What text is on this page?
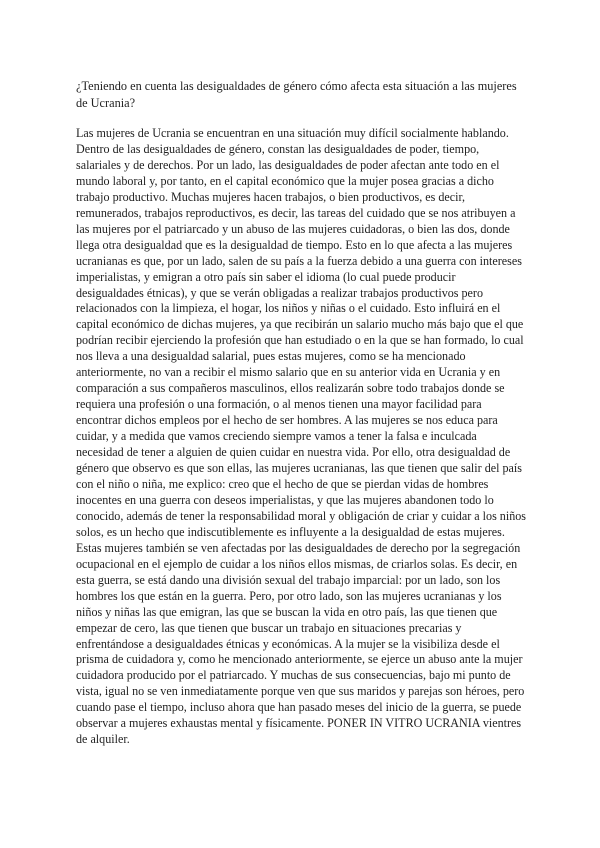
¿Teniendo en cuenta las desigualdades de género cómo afecta esta situación a las mujeres de Ucrania?

Las mujeres de Ucrania se encuentran en una situación muy difícil socialmente hablando. Dentro de las desigualdades de género, constan las desigualdades de poder, tiempo, salariales y de derechos. Por un lado, las desigualdades de poder afectan ante todo en el mundo laboral y, por tanto, en el capital económico que la mujer posea gracias a dicho trabajo productivo. Muchas mujeres hacen trabajos, o bien productivos, es decir, remunerados, trabajos reproductivos, es decir, las tareas del cuidado que se nos atribuyen a las mujeres por el patriarcado y un abuso de las mujeres cuidadoras, o bien las dos, donde llega otra desigualdad que es la desigualdad de tiempo. Esto en lo que afecta a las mujeres ucranianas es que, por un lado, salen de su país a la fuerza debido a una guerra con intereses imperialistas, y emigran a otro país sin saber el idioma (lo cual puede producir desigualdades étnicas), y que se verán obligadas a realizar trabajos productivos pero relacionados con la limpieza, el hogar, los niños y niñas o el cuidado. Esto influirá en el capital económico de dichas mujeres, ya que recibirán un salario mucho más bajo que el que podrían recibir ejerciendo la profesión que han estudiado o en la que se han formado, lo cual nos lleva a una desigualdad salarial, pues estas mujeres, como se ha mencionado anteriormente, no van a recibir el mismo salario que en su anterior vida en Ucrania y en comparación a sus compañeros masculinos, ellos realizarán sobre todo trabajos donde se requiera una profesión o una formación, o al menos tienen una mayor facilidad para encontrar dichos empleos por el hecho de ser hombres. A las mujeres se nos educa para cuidar, y a medida que vamos creciendo siempre vamos a tener la falsa e inculcada necesidad de tener a alguien de quien cuidar en nuestra vida. Por ello, otra desigualdad de género que observo es que son ellas, las mujeres ucranianas, las que tienen que salir del país con el niño o niña, me explico: creo que el hecho de que se pierdan vidas de hombres inocentes en una guerra con deseos imperialistas, y que las mujeres abandonen todo lo conocido, además de tener la responsabilidad moral y obligación de criar y cuidar a los niños solos, es un hecho que indiscutiblemente es influyente a la desigualdad de estas mujeres. Estas mujeres también se ven afectadas por las desigualdades de derecho por la segregación ocupacional en el ejemplo de cuidar a los niños ellos mismas, de criarlos solas. Es decir, en esta guerra, se está dando una división sexual del trabajo imparcial: por un lado, son los hombres los que están en la guerra. Pero, por otro lado, son las mujeres ucranianas y los niños y niñas las que emigran, las que se buscan la vida en otro país, las que tienen que empezar de cero, las que tienen que buscar un trabajo en situaciones precarias y enfrentándose a desigualdades étnicas y económicas. A la mujer se la visibiliza desde el prisma de cuidadora y, como he mencionado anteriormente, se ejerce un abuso ante la mujer cuidadora producido por el patriarcado. Y muchas de sus consecuencias, bajo mi punto de vista, igual no se ven inmediatamente porque ven que sus maridos y parejas son héroes, pero cuando pase el tiempo, incluso ahora que han pasado meses del inicio de la guerra, se puede observar a mujeres exhaustas mental y físicamente. PONER IN VITRO UCRANIA vientres de alquiler.
